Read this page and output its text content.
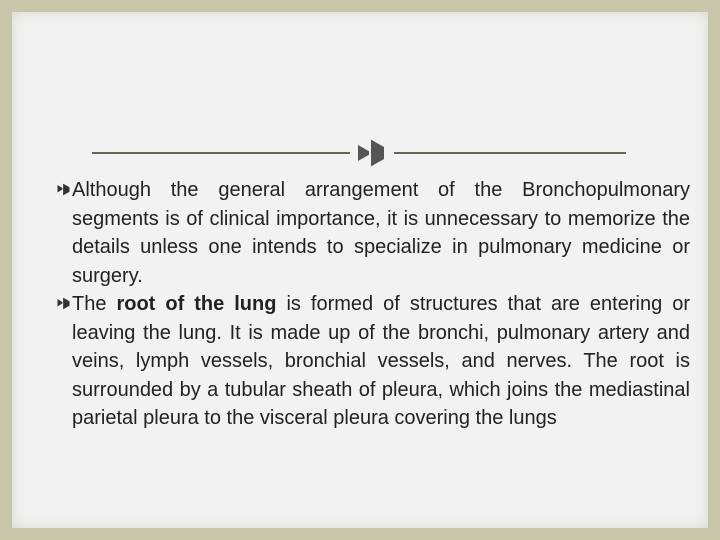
Although the general arrangement of the Bronchopulmonary segments is of clinical importance, it is unnecessary to memorize the details unless one intends to specialize in pulmonary medicine or surgery.

The root of the lung is formed of structures that are entering or leaving the lung. It is made up of the bronchi, pulmonary artery and veins, lymph vessels, bronchial vessels, and nerves. The root is surrounded by a tubular sheath of pleura, which joins the mediastinal parietal pleura to the visceral pleura covering the lungs
